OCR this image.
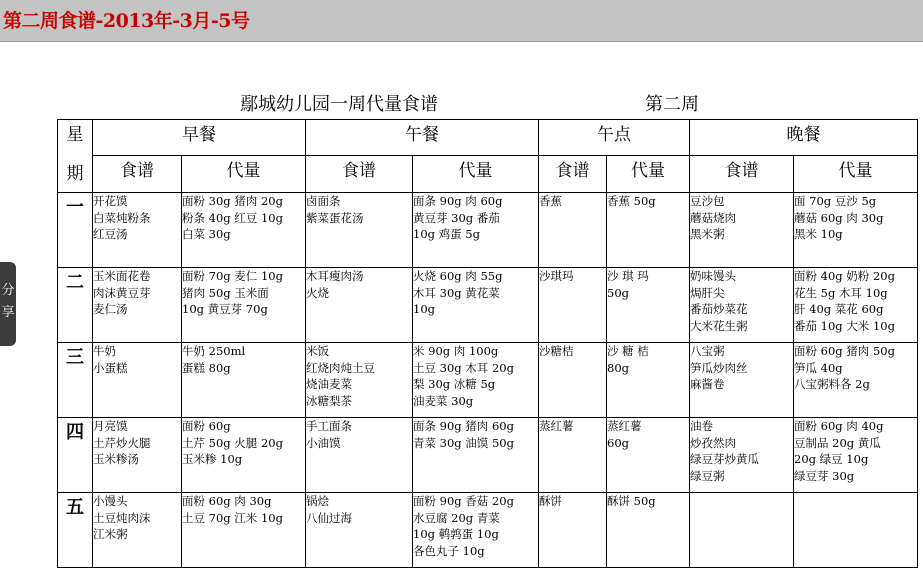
第二周食谱-2013年-3月-5号
分
享
鄢城幼儿园一周代量食谱	第二周
星
期	早餐		午餐		午点		晚餐	
	食谱	代量	食谱	代量	食谱	代量	食谱	代量
一	开花馍
白菜炖粉条
红豆汤	面粉 30g 猪肉 20g
粉条 40g 红豆 10g
白菜 30g	卤面条
紫菜蛋花汤	面条 90g 肉 60g
黄豆芽 30g 番茄
10g 鸡蛋 5g	香蕉	香蕉 50g	豆沙包
蘑菇烧肉
黑米粥	面 70g 豆沙 5g
蘑菇 60g 肉 30g
黑米 10g

二	玉米面花卷
肉沫黄豆芽
麦仁汤	面粉 70g 麦仁 10g
猪肉 50g 玉米面
10g 黄豆芽 70g	木耳瘦肉汤
火烧	火烧 60g 肉 55g
木耳 30g 黄花菜
10g	沙琪玛	沙 琪 玛
50g	奶味馒头
焗肝尖
番茄炒菜花
大米花生粥	面粉 40g 奶粉 20g
花生 5g 木耳 10g
肝 40g 菜花 60g
番茄 10g 大米 10g

三	牛奶
小蛋糕	牛奶 250ml
蛋糕 80g	米饭
红烧肉炖土豆
烧油麦菜
冰糖梨茶	米 90g 肉 100g
土豆 30g 木耳 20g
梨 30g 冰糖 5g
油麦菜 30g	沙糖桔	沙 糖 桔
80g	八宝粥
笋瓜炒肉丝
麻酱卷	面粉 60g 猪肉 50g
笋瓜 40g
八宝粥料各 2g

四	月亮馍
土芹炒火腿
玉米糁汤	面粉 60g
土芹 50g 火腿 20g
玉米糁 10g	手工面条
小油馍	面条 90g 猪肉 60g
青菜 30g 油馍 50g	蒸红薯	蒸红薯
60g	油卷
炒孜然肉
绿豆芽炒黄瓜
绿豆粥	面粉 60g 肉 40g
豆制品 20g 黄瓜
20g 绿豆 10g
绿豆芽 30g

五	小馒头
土豆炖肉沫
江米粥	面粉 60g 肉 30g
土豆 70g 江米 10g	锅烩
八仙过海	面粉 90g 香菇 20g
水豆腐 20g 青菜
10g 鹌鹑蛋 10g
各色丸子 10g	酥饼	酥饼 50g		
